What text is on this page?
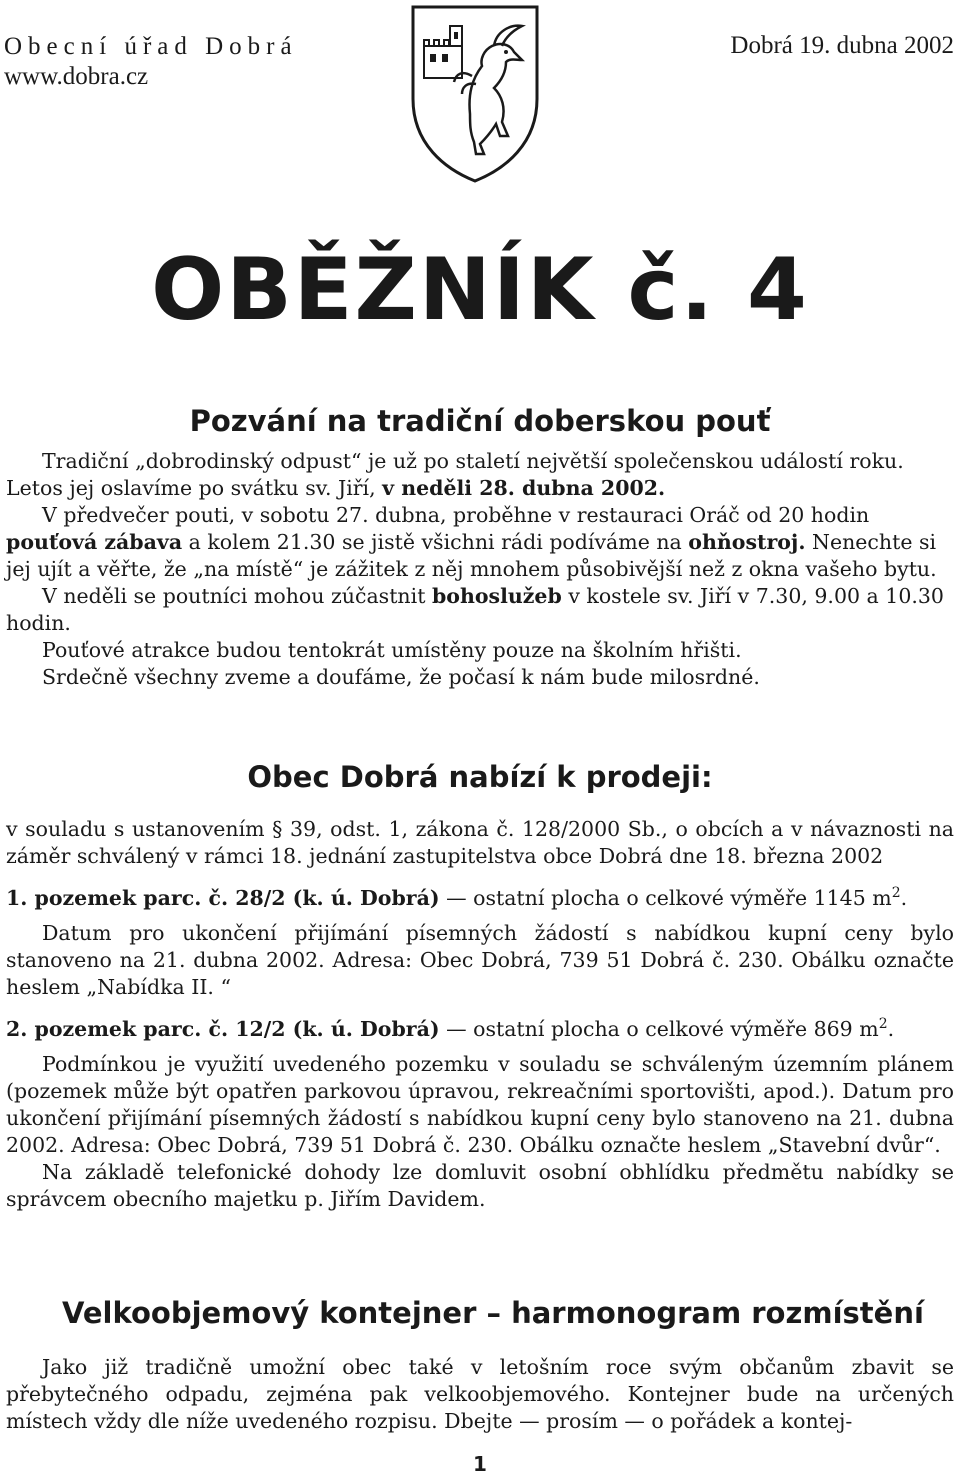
Obecní úřad Dobrá
www.dobra.cz
Dobrá 19. dubna 2002
OBĚŽNÍK č. 4
Pozvání na tradiční doberskou pouť

Tradiční „dobrodinský odpust“ je už po staletí největší společenskou událostí roku. Letos jej oslavíme po svátku sv. Jiří, v neděli 28. dubna 2002.

V předvečer pouti, v sobotu 27. dubna, proběhne v restauraci Oráč od 20 hodin pouťová zábava a kolem 21.30 se jistě všichni rádi podíváme na ohňostroj. Nenechte si jej ujít a věřte, že „na místě“ je zážitek z něj mnohem působivější než z okna vašeho bytu.

V neděli se poutníci mohou zúčastnit bohoslužeb v kostele sv. Jiří v 7.30, 9.00 a 10.30 hodin.

Pouťové atrakce budou tentokrát umístěny pouze na školním hřišti.

Srdečně všechny zveme a doufáme, že počasí k nám bude milosrdné.

Obec Dobrá nabízí k prodeji:

v souladu s ustanovením § 39, odst. 1, zákona č. 128/2000 Sb., o obcích a v návaznosti na záměr schválený v rámci 18. jednání zastupitelstva obce Dobrá dne 18. března 2002

1. pozemek parc. č. 28/2 (k. ú. Dobrá) — ostatní plocha o celkové výměře 1145 $m^2$.

Datum pro ukončení přijímání písemných žádostí s nabídkou kupní ceny bylo stanoveno na 21. dubna 2002. Adresa: Obec Dobrá, 739 51 Dobrá č. 230. Obálku označte heslem „Nabídka II. “

2. pozemek parc. č. 12/2 (k. ú. Dobrá) — ostatní plocha o celkové výměře 869 $m^2$.

Podmínkou je využití uvedeného pozemku v souladu se schváleným územním plánem (pozemek může být opatřen parkovou úpravou, rekreačními sportovišti, apod.). Datum pro ukončení přijímání písemných žádostí s nabídkou kupní ceny bylo stanoveno na 21. dubna 2002. Adresa: Obec Dobrá, 739 51 Dobrá č. 230. Obálku označte heslem „Stavební dvůr“.

Na základě telefonické dohody lze domluvit osobní obhlídku předmětu nabídky se správcem obecního majetku p. Jiřím Davidem.

Velkoobjemový kontejner – harmonogram rozmístění

Jako již tradičně umožní obec také v letošním roce svým občanům zbavit se přebytečného odpadu, zejména pak velkoobjemového. Kontejner bude na určených místech vždy dle níže uvedeného rozpisu. Dbejte — prosím — o pořádek a kontej-

1
